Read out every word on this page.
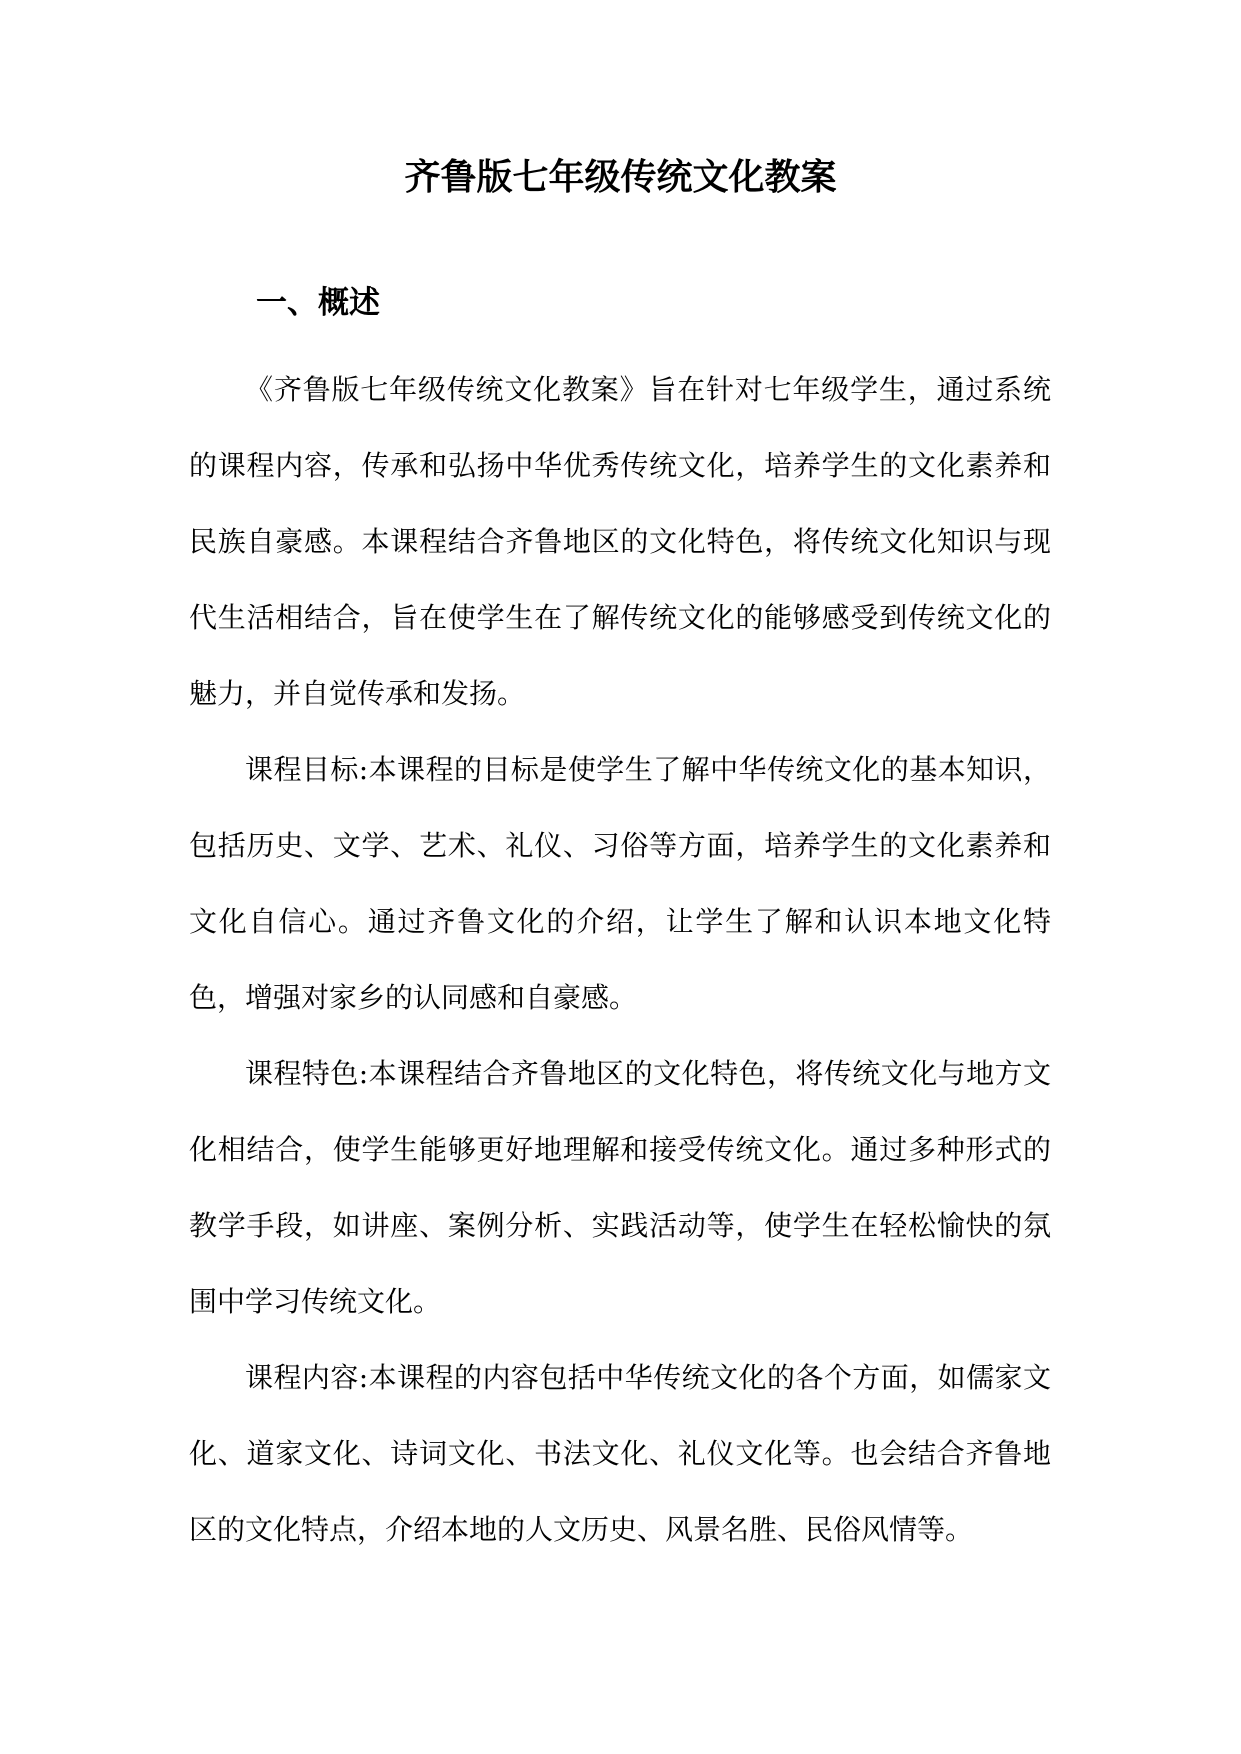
齐鲁版七年级传统文化教案
一、概述

《齐鲁版七年级传统文化教案》旨在针对七年级学生，通过系统的课程内容，传承和弘扬中华优秀传统文化，培养学生的文化素养和民族自豪感。本课程结合齐鲁地区的文化特色，将传统文化知识与现代生活相结合，旨在使学生在了解传统文化的能够感受到传统文化的魅力，并自觉传承和发扬。

课程目标:本课程的目标是使学生了解中华传统文化的基本知识，包括历史、文学、艺术、礼仪、习俗等方面，培养学生的文化素养和文化自信心。通过齐鲁文化的介绍，让学生了解和认识本地文化特色，增强对家乡的认同感和自豪感。

课程特色:本课程结合齐鲁地区的文化特色，将传统文化与地方文化相结合，使学生能够更好地理解和接受传统文化。通过多种形式的教学手段，如讲座、案例分析、实践活动等，使学生在轻松愉快的氛围中学习传统文化。

课程内容:本课程的内容包括中华传统文化的各个方面，如儒家文化、道家文化、诗词文化、书法文化、礼仪文化等。也会结合齐鲁地区的文化特点，介绍本地的人文历史、风景名胜、民俗风情等。
